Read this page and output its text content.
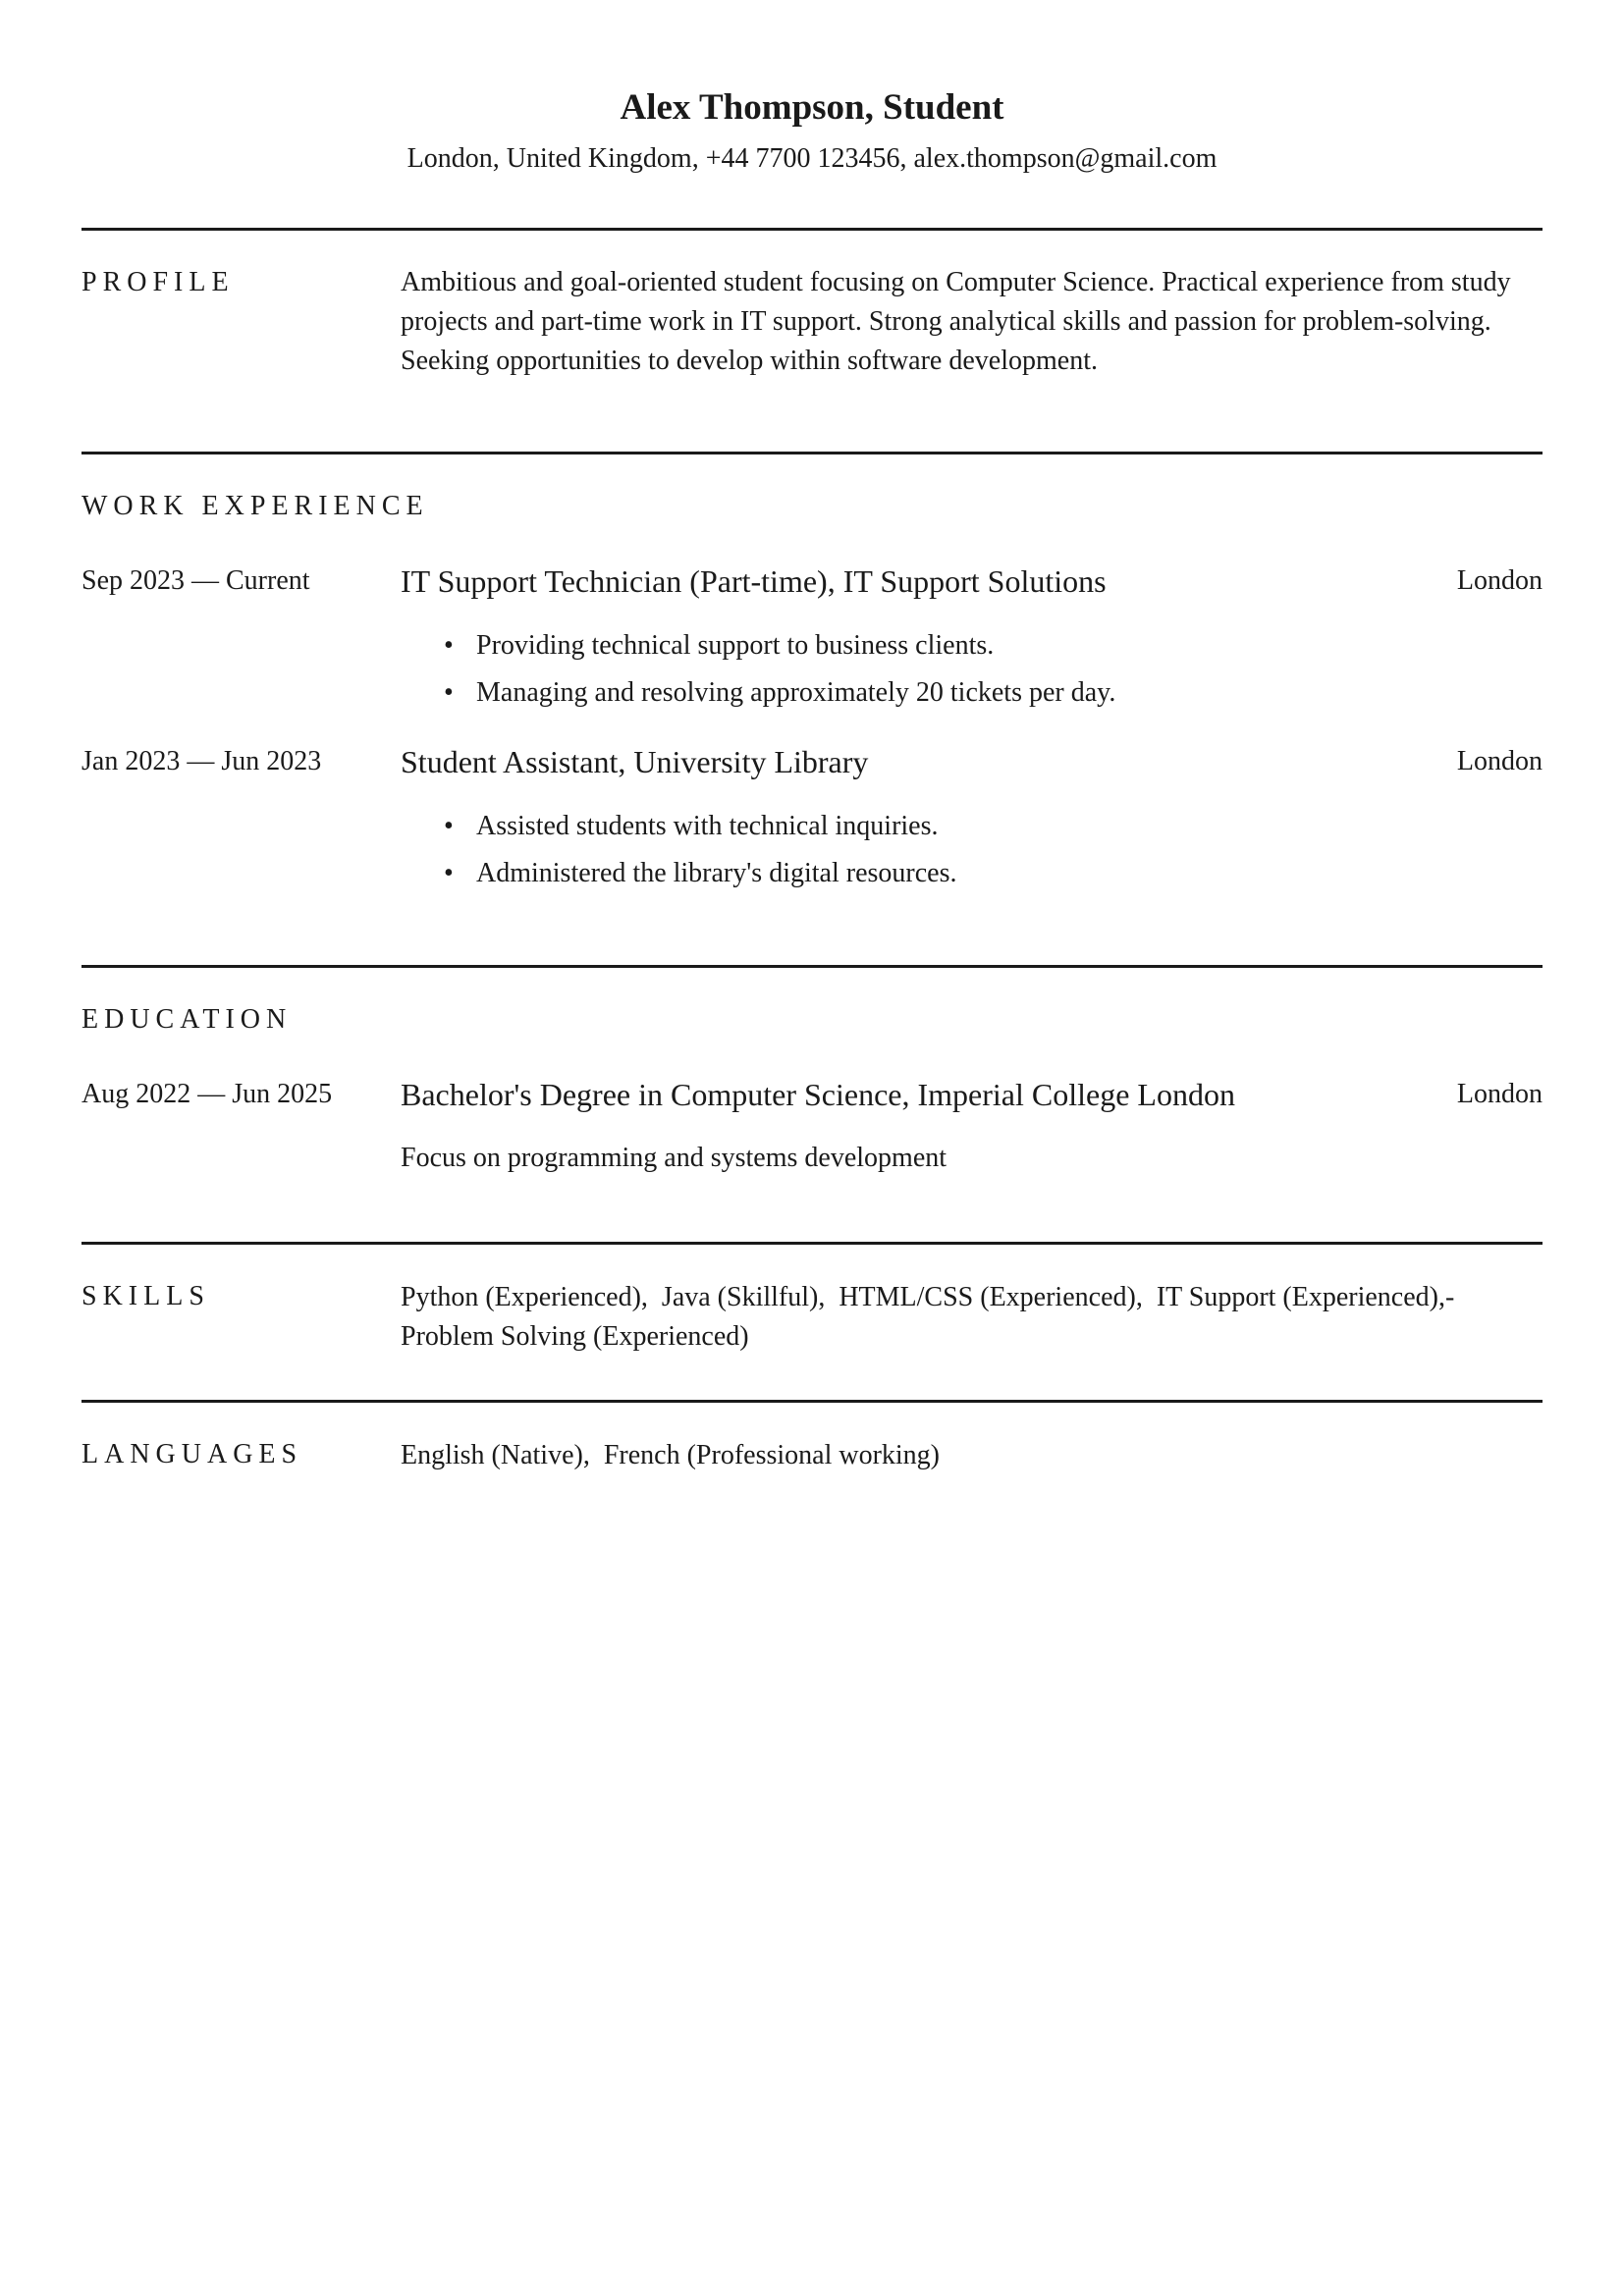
Alex Thompson, Student
London, United Kingdom, +44 7700 123456, alex.thompson@gmail.com
PROFILE	Ambitious and goal-oriented student focusing on Computer Science. Practical experience from study projects and part-time work in IT support. Strong analytical skills and passion for problem-solving. Seeking opportunities to develop within software development.
WORK EXPERIENCE
Sep 2023 — Current	IT Support Technician (Part-time), IT Support Solutions	London
• Providing technical support to business clients.
• Managing and resolving approximately 20 tickets per day.
Jan 2023 — Jun 2023	Student Assistant, University Library	London
• Assisted students with technical inquiries.
• Administered the library's digital resources.
EDUCATION
Aug 2022 — Jun 2025 Bachelor's Degree in Computer Science, Imperial College London	London
Focus on programming and systems development
SKILLS	Python (Experienced),  Java (Skillful),  HTML/CSS (Experienced),  IT Support (Experienced),- Problem Solving (Experienced)
LANGUAGES	English (Native),  French (Professional working)
